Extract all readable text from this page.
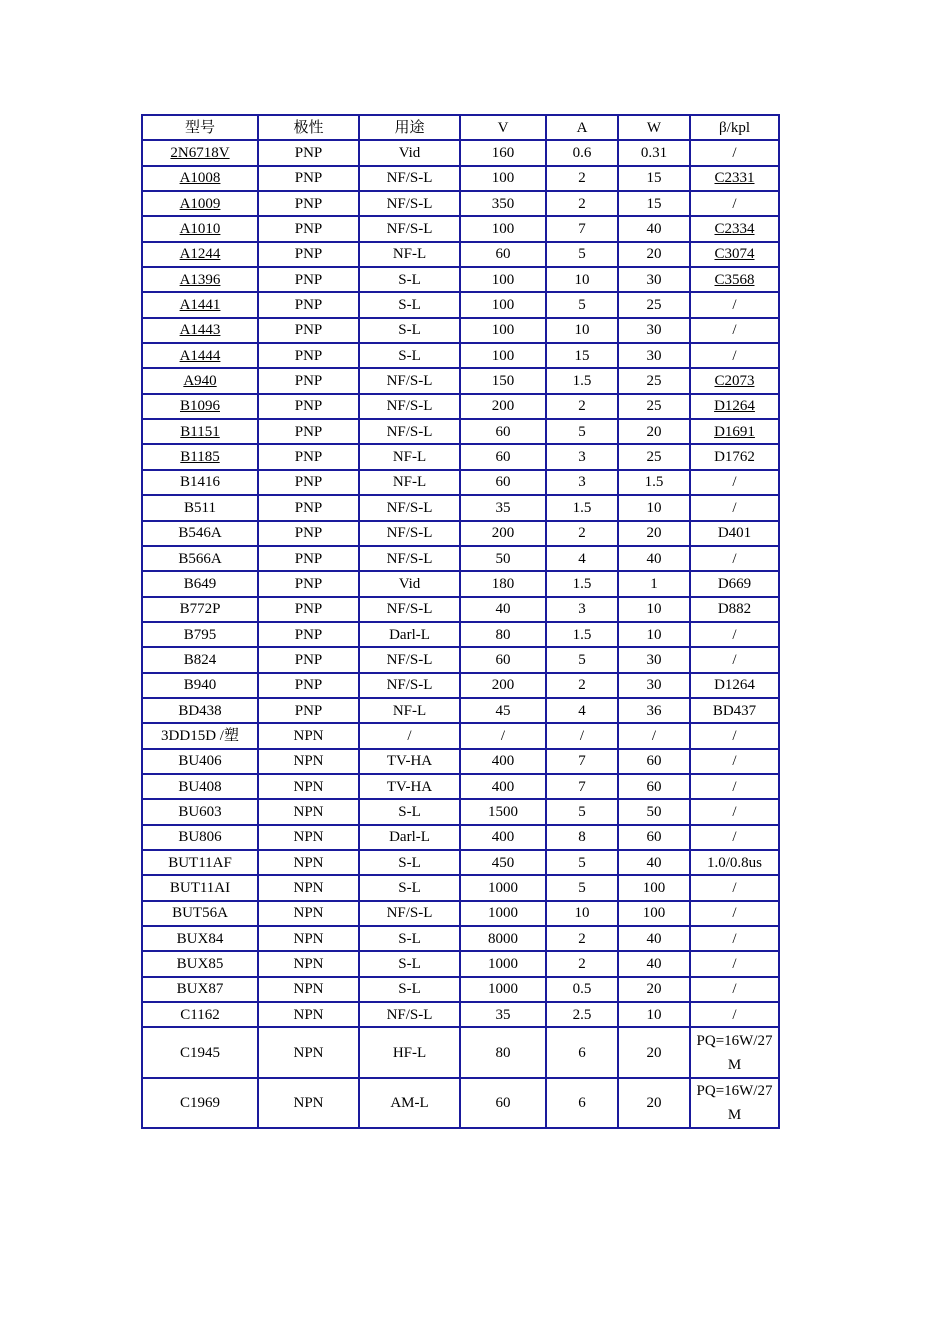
型号	极性	用途	V	A	W	β/kpl
2N6718V	PNP	Vid	160	0.6	0.31	/
A1008	PNP	NF/S-L	100	2	15	C2331
A1009	PNP	NF/S-L	350	2	15	/
A1010	PNP	NF/S-L	100	7	40	C2334
A1244	PNP	NF-L	60	5	20	C3074
A1396	PNP	S-L	100	10	30	C3568
A1441	PNP	S-L	100	5	25	/
A1443	PNP	S-L	100	10	30	/
A1444	PNP	S-L	100	15	30	/
A940	PNP	NF/S-L	150	1.5	25	C2073
B1096	PNP	NF/S-L	200	2	25	D1264
B1151	PNP	NF/S-L	60	5	20	D1691
B1185	PNP	NF-L	60	3	25	D1762
B1416	PNP	NF-L	60	3	1.5	/
B511	PNP	NF/S-L	35	1.5	10	/
B546A	PNP	NF/S-L	200	2	20	D401
B566A	PNP	NF/S-L	50	4	40	/
B649	PNP	Vid	180	1.5	1	D669
B772P	PNP	NF/S-L	40	3	10	D882
B795	PNP	Darl-L	80	1.5	10	/
B824	PNP	NF/S-L	60	5	30	/
B940	PNP	NF/S-L	200	2	30	D1264
BD438	PNP	NF-L	45	4	36	BD437
3DD15D /塑	NPN	/	/	/	/	/
BU406	NPN	TV-HA	400	7	60	/
BU408	NPN	TV-HA	400	7	60	/
BU603	NPN	S-L	1500	5	50	/
BU806	NPN	Darl-L	400	8	60	/
BUT11AF	NPN	S-L	450	5	40	1.0/0.8us
BUT11AI	NPN	S-L	1000	5	100	/
BUT56A	NPN	NF/S-L	1000	10	100	/
BUX84	NPN	S-L	8000	2	40	/
BUX85	NPN	S-L	1000	2	40	/
BUX87	NPN	S-L	1000	0.5	20	/
C1162	NPN	NF/S-L	35	2.5	10	/
C1945	NPN	HF-L	80	6	20	PQ=16W/27M
C1969	NPN	AM-L	60	6	20	PQ=16W/27M
